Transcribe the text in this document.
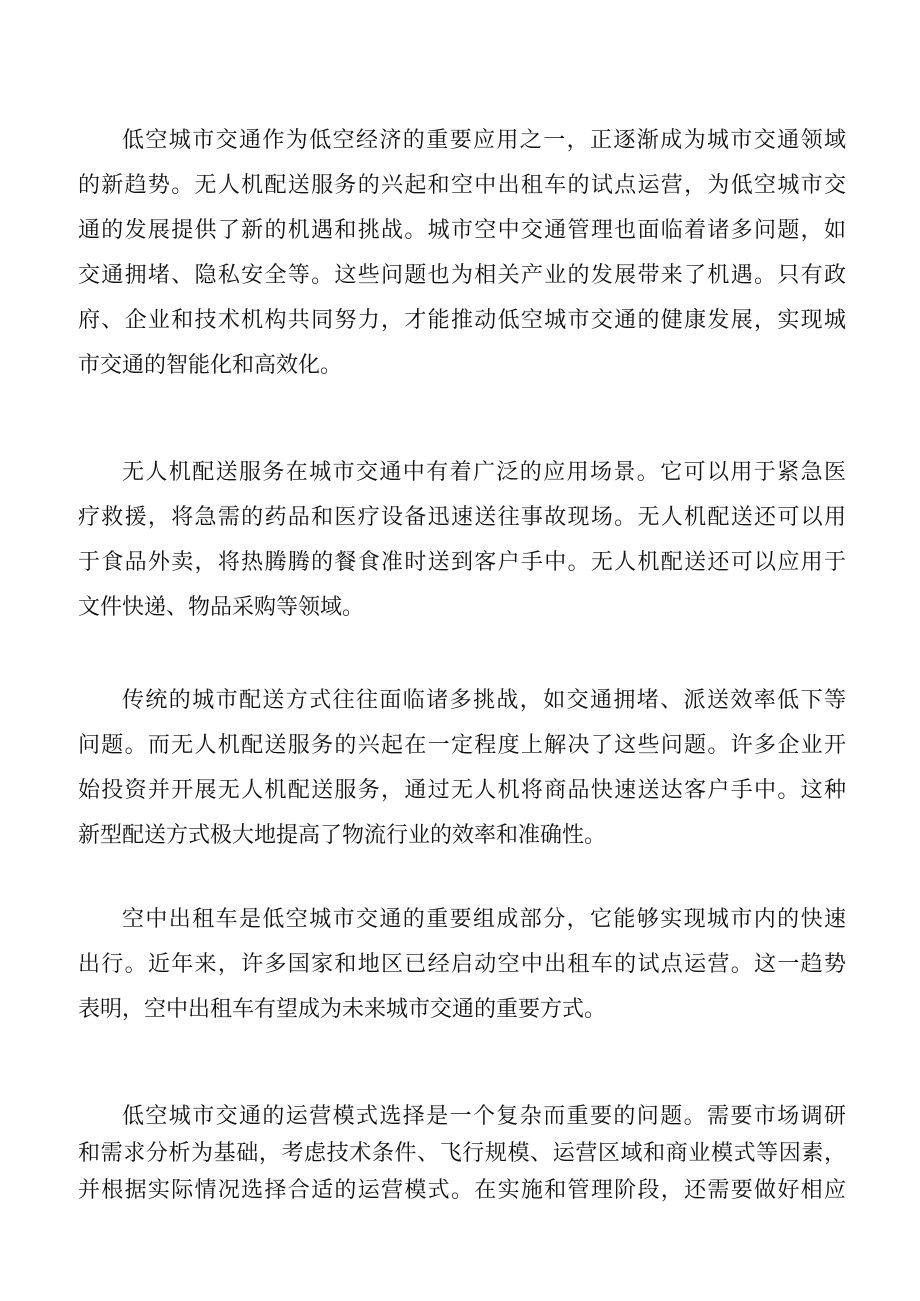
低空城市交通作为低空经济的重要应用之一，正逐渐成为城市交通领域
的新趋势。无人机配送服务的兴起和空中出租车的试点运营，为低空城市交
通的发展提供了新的机遇和挑战。城市空中交通管理也面临着诸多问题，如
交通拥堵、隐私安全等。这些问题也为相关产业的发展带来了机遇。只有政
府、企业和技术机构共同努力，才能推动低空城市交通的健康发展，实现城
市交通的智能化和高效化。
无人机配送服务在城市交通中有着广泛的应用场景。它可以用于紧急医
疗救援，将急需的药品和医疗设备迅速送往事故现场。无人机配送还可以用
于食品外卖，将热腾腾的餐食准时送到客户手中。无人机配送还可以应用于
文件快递、物品采购等领域。
传统的城市配送方式往往面临诸多挑战，如交通拥堵、派送效率低下等
问题。而无人机配送服务的兴起在一定程度上解决了这些问题。许多企业开
始投资并开展无人机配送服务，通过无人机将商品快速送达客户手中。这种
新型配送方式极大地提高了物流行业的效率和准确性。
空中出租车是低空城市交通的重要组成部分，它能够实现城市内的快速
出行。近年来，许多国家和地区已经启动空中出租车的试点运营。这一趋势
表明，空中出租车有望成为未来城市交通的重要方式。
低空城市交通的运营模式选择是一个复杂而重要的问题。需要市场调研
和需求分析为基础，考虑技术条件、飞行规模、运营区域和商业模式等因素，
并根据实际情况选择合适的运营模式。在实施和管理阶段，还需要做好相应
